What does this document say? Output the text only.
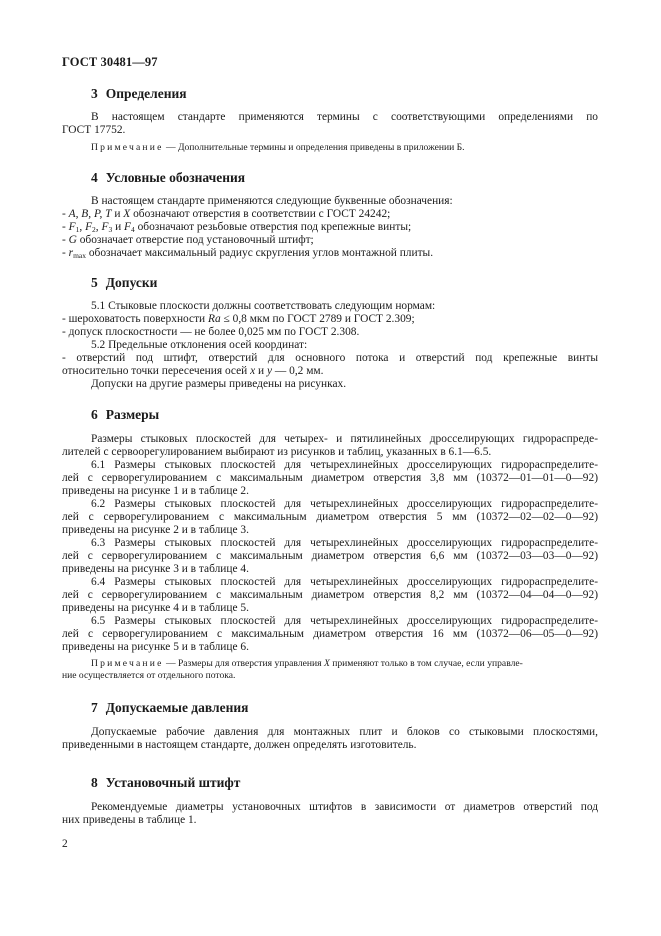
ГОСТ 30481—97
3 Определения
В настоящем стандарте применяются термины с соответствующими определениями по
ГОСТ 17752.
Примечание — Дополнительные термины и определения приведены в приложении Б.
4 Условные обозначения
В настоящем стандарте применяются следующие буквенные обозначения:
- A, B, P, T и X обозначают отверстия в соответствии с ГОСТ 24242;
- $F_1$, $F_2$, $F_3$ и $F_4$ обозначают резьбовые отверстия под крепежные винты;
- G обозначает отверстие под установочный штифт;
- $r_{max}$ обозначает максимальный радиус скругления углов монтажной плиты.
5 Допуски
5.1 Стыковые плоскости должны соответствовать следующим нормам:
- шероховатость поверхности Ra ≤ 0,8 мкм по ГОСТ 2789 и ГОСТ 2.309;
- допуск плоскостности — не более 0,025 мм по ГОСТ 2.308.
5.2 Предельные отклонения осей координат:
- отверстий под штифт, отверстий для основного потока и отверстий под крепежные винты
относительно точки пересечения осей x и y — 0,2 мм.
Допуски на другие размеры приведены на рисунках.
6 Размеры
Размеры стыковых плоскостей для четырех- и пятилинейных дросселирующих гидрораспреде-
лителей с сервоорегулированием выбирают из рисунков и таблиц, указанных в 6.1—6.5.
6.1 Размеры стыковых плоскостей для четырехлинейных дросселирующих гидрораспределите-
лей с сервoрегулированием с максимальным диаметром отверстия 3,8 мм (10372—01—01—0—92)
приведены на рисунке 1 и в таблице 2.
6.2 Размеры стыковых плоскостей для четырехлинейных дросселирующих гидрораспределите-
лей с сервoрегулированием с максимальным диаметром отверстия 5 мм (10372—02—02—0—92)
приведены на рисунке 2 и в таблице 3.
6.3 Размеры стыковых плоскостей для четырехлинейных дросселирующих гидрораспределите-
лей с сервoрегулированием с максимальным диаметром отверстия 6,6 мм (10372—03—03—0—92)
приведены на рисунке 3 и в таблице 4.
6.4 Размеры стыковых плоскостей для четырехлинейных дросселирующих гидрораспределите-
лей с сервoрегулированием с максимальным диаметром отверстия 8,2 мм (10372—04—04—0—92)
приведены на рисунке 4 и в таблице 5.
6.5 Размеры стыковых плоскостей для четырехлинейных дросселирующих гидрораспределите-
лей с сервoрегулированием с максимальным диаметром отверстия 16 мм (10372—06—05—0—92)
приведены на рисунке 5 и в таблице 6.
Примечание — Размеры для отверстия управления X применяют только в том случае, если управле-
ние осуществляется от отдельного потока.
7 Допускаемые давления
Допускаемые рабочие давления для монтажных плит и блоков со стыковыми плоскостями,
приведенными в настоящем стандарте, должен определять изготовитель.
8 Установочный штифт
Рекомендуемые диаметры установочных штифтов в зависимости от диаметров отверстий под
них приведены в таблице 1.
2
